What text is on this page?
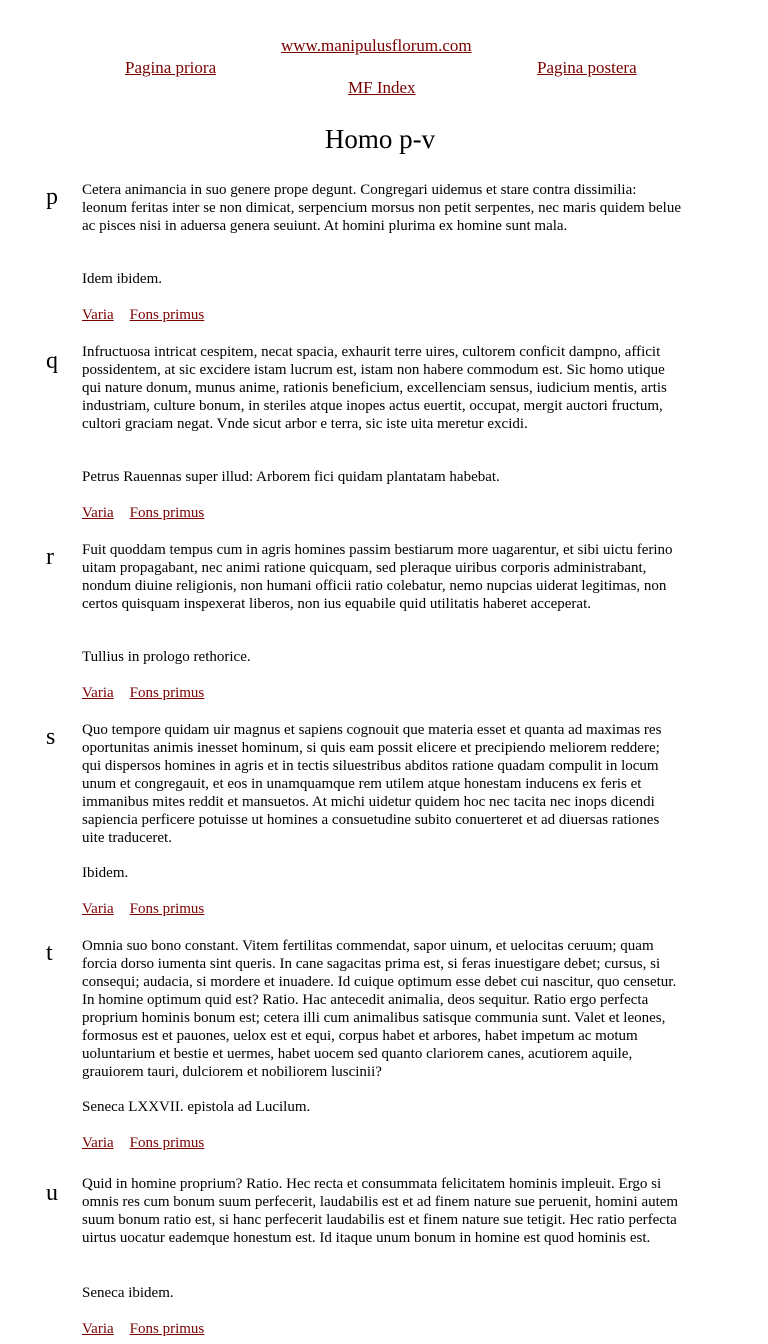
www.manipulusflorum.com
Pagina priora	Pagina postera
MF Index
Homo p-v

p Cetera animancia in suo genere prope degunt. Congregari uidemus et stare contra dissimilia: leonum feritas inter se non dimicat, serpencium morsus non petit serpentes, nec maris quidem belue ac pisces nisi in aduersa genera seuiunt. At homini plurima ex homine sunt mala.

Idem ibidem.

Varia Fons primus

q Infructuosa intricat cespitem, necat spacia, exhaurit terre uires, cultorem conficit dampno, afficit possidentem, at sic excidere istam lucrum est, istam non habere commodum est. Sic homo utique qui nature donum, munus anime, rationis beneficium, excellenciam sensus, iudicium mentis, artis industriam, culture bonum, in steriles atque inopes actus euertit, occupat, mergit auctori fructum, cultori graciam negat. Vnde sicut arbor e terra, sic iste uita meretur excidi.

Petrus Rauennas super illud: Arborem fici quidam plantatam habebat.

Varia Fons primus

r Fuit quoddam tempus cum in agris homines passim bestiarum more uagarentur, et sibi uictu ferino uitam propagabant, nec animi ratione quicquam, sed pleraque uiribus corporis administrabant, nondum diuine religionis, non humani officii ratio colebatur, nemo nupcias uiderat legitimas, non certos quisquam inspexerat liberos, non ius equabile quid utilitatis haberet acceperat.

Tullius in prologo rethorice.

Varia Fons primus

s Quo tempore quidam uir magnus et sapiens cognouit que materia esset et quanta ad maximas res oportunitas animis inesset hominum, si quis eam possit elicere et precipiendo meliorem reddere; qui dispersos homines in agris et in tectis siluestribus abditos ratione quadam compulit in locum unum et congregauit, et eos in unamquamque rem utilem atque honestam inducens ex feris et immanibus mites reddit et mansuetos. At michi uidetur quidem hoc nec tacita nec inops dicendi sapiencia perficere potuisse ut homines a consuetudine subito conuerteret et ad diuersas rationes uite traduceret.

Ibidem.

Varia Fons primus

t Omnia suo bono constant. Vitem fertilitas commendat, sapor uinum, et uelocitas ceruum; quam forcia dorso iumenta sint queris. In cane sagacitas prima est, si feras inuestigare debet; cursus, si consequi; audacia, si mordere et inuadere. Id cuique optimum esse debet cui nascitur, quo censetur. In homine optimum quid est? Ratio. Hac antecedit animalia, deos sequitur. Ratio ergo perfecta proprium hominis bonum est; cetera illi cum animalibus satisque communia sunt. Valet et leones, formosus est et pauones, uelox est et equi, corpus habet et arbores, habet impetum ac motum uoluntarium et bestie et uermes, habet uocem sed quanto clariorem canes, acutiorem aquile, grauiorem tauri, dulciorem et nobiliorem luscinii?

Seneca LXXVII. epistola ad Lucilum.

Varia Fons primus

u Quid in homine proprium? Ratio. Hec recta et consummata felicitatem hominis impleuit. Ergo si omnis res cum bonum suum perfecerit, laudabilis est et ad finem nature sue peruenit, homini autem suum bonum ratio est, si hanc perfecerit laudabilis est et finem nature sue tetigit. Hec ratio perfecta uirtus uocatur eademque honestum est. Id itaque unum bonum in homine est quod hominis est.

Seneca ibidem.

Varia Fons primus
